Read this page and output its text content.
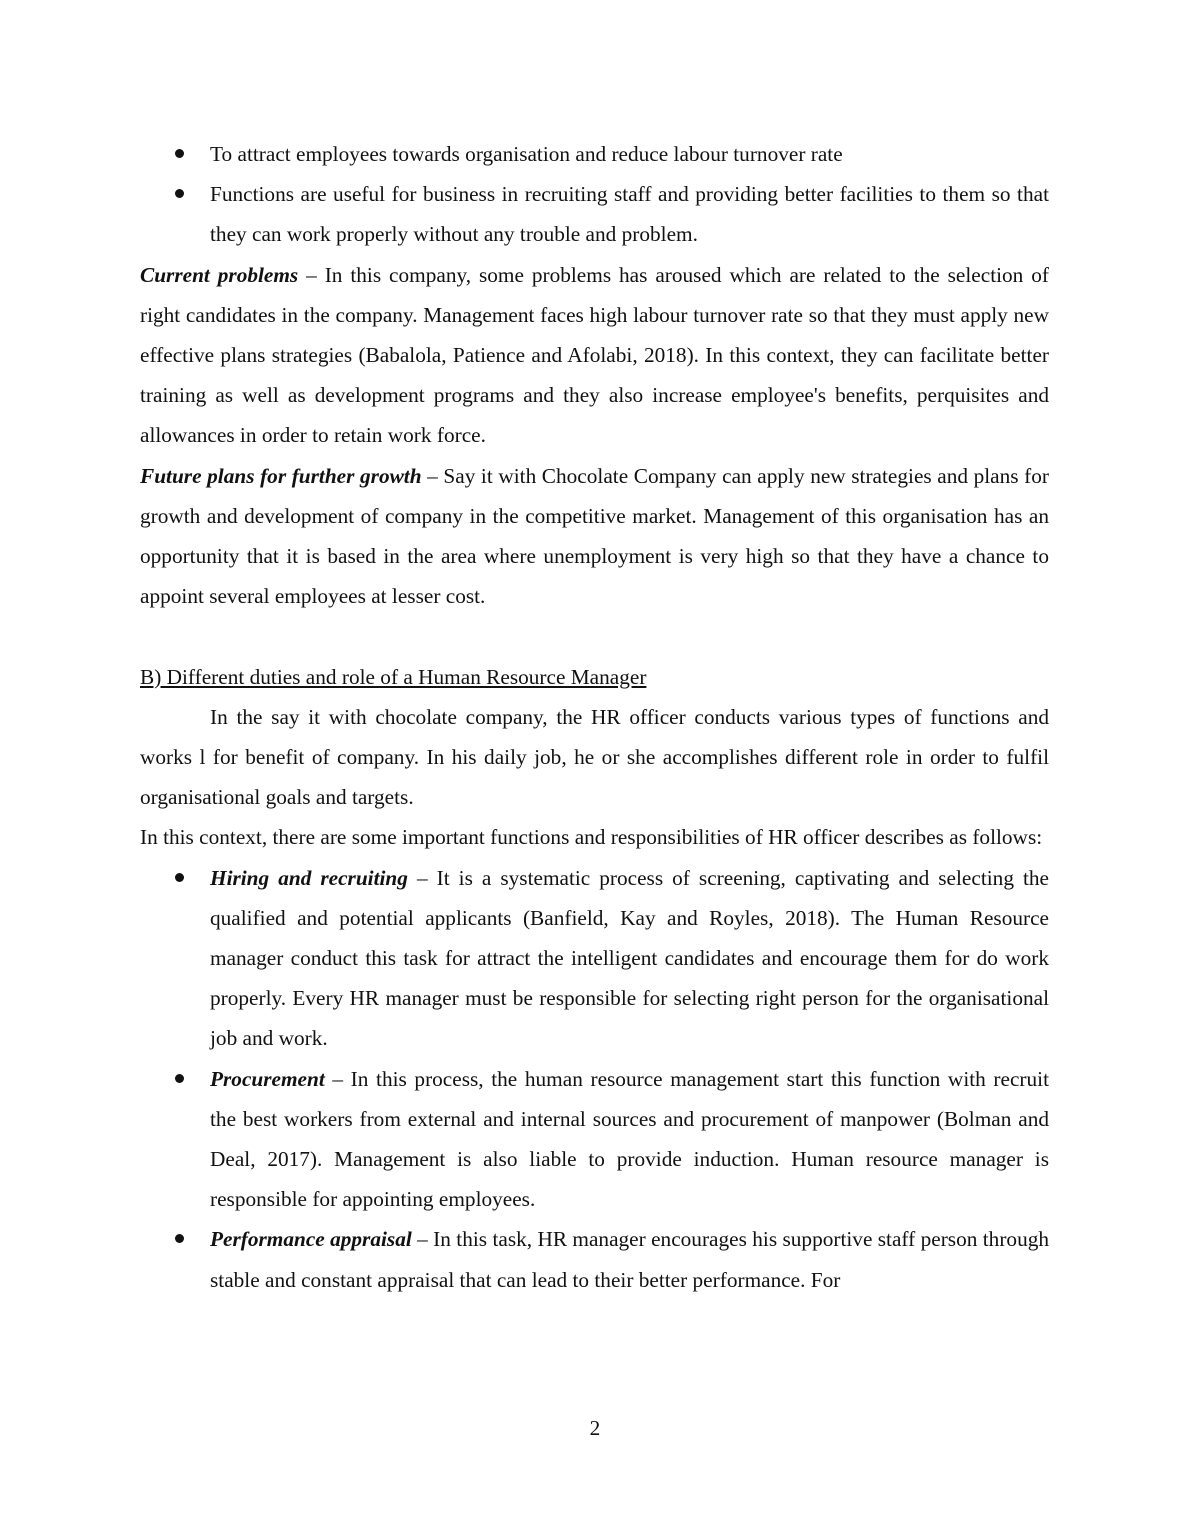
To attract employees towards organisation and reduce labour turnover rate
Functions are useful for business in recruiting staff and providing better facilities to them so that they can work properly without any trouble and problem.

Current problems – In this company, some problems has aroused which are related to the selection of right candidates in the company. Management faces high labour turnover rate so that they must apply new effective plans strategies (Babalola, Patience and Afolabi, 2018). In this context, they can facilitate better training as well as development programs and they also increase employee's benefits, perquisites and allowances in order to retain work force.

Future plans for further growth – Say it with Chocolate Company can apply new strategies and plans for growth and development of company in the competitive market. Management of this organisation has an opportunity that it is based in the area where unemployment is very high so that they have a chance to appoint several employees at lesser cost.

B) Different duties and role of a Human Resource Manager

In the say it with chocolate company, the HR officer conducts various types of functions and works l for benefit of company. In his daily job, he or she accomplishes different role in order to fulfil organisational goals and targets.

In this context, there are some important functions and responsibilities of HR officer describes as follows:

Hiring and recruiting – It is a systematic process of screening, captivating and selecting the qualified and potential applicants (Banfield, Kay and Royles, 2018). The Human Resource manager conduct this task for attract the intelligent candidates and encourage them for do work properly. Every HR manager must be responsible for selecting right person for the organisational job and work.
Procurement – In this process, the human resource management start this function with recruit the best workers from external and internal sources and procurement of manpower (Bolman and Deal, 2017). Management is also liable to provide induction. Human resource manager is responsible for appointing employees.
Performance appraisal – In this task, HR manager encourages his supportive staff person through stable and constant appraisal that can lead to their better performance. For
2
